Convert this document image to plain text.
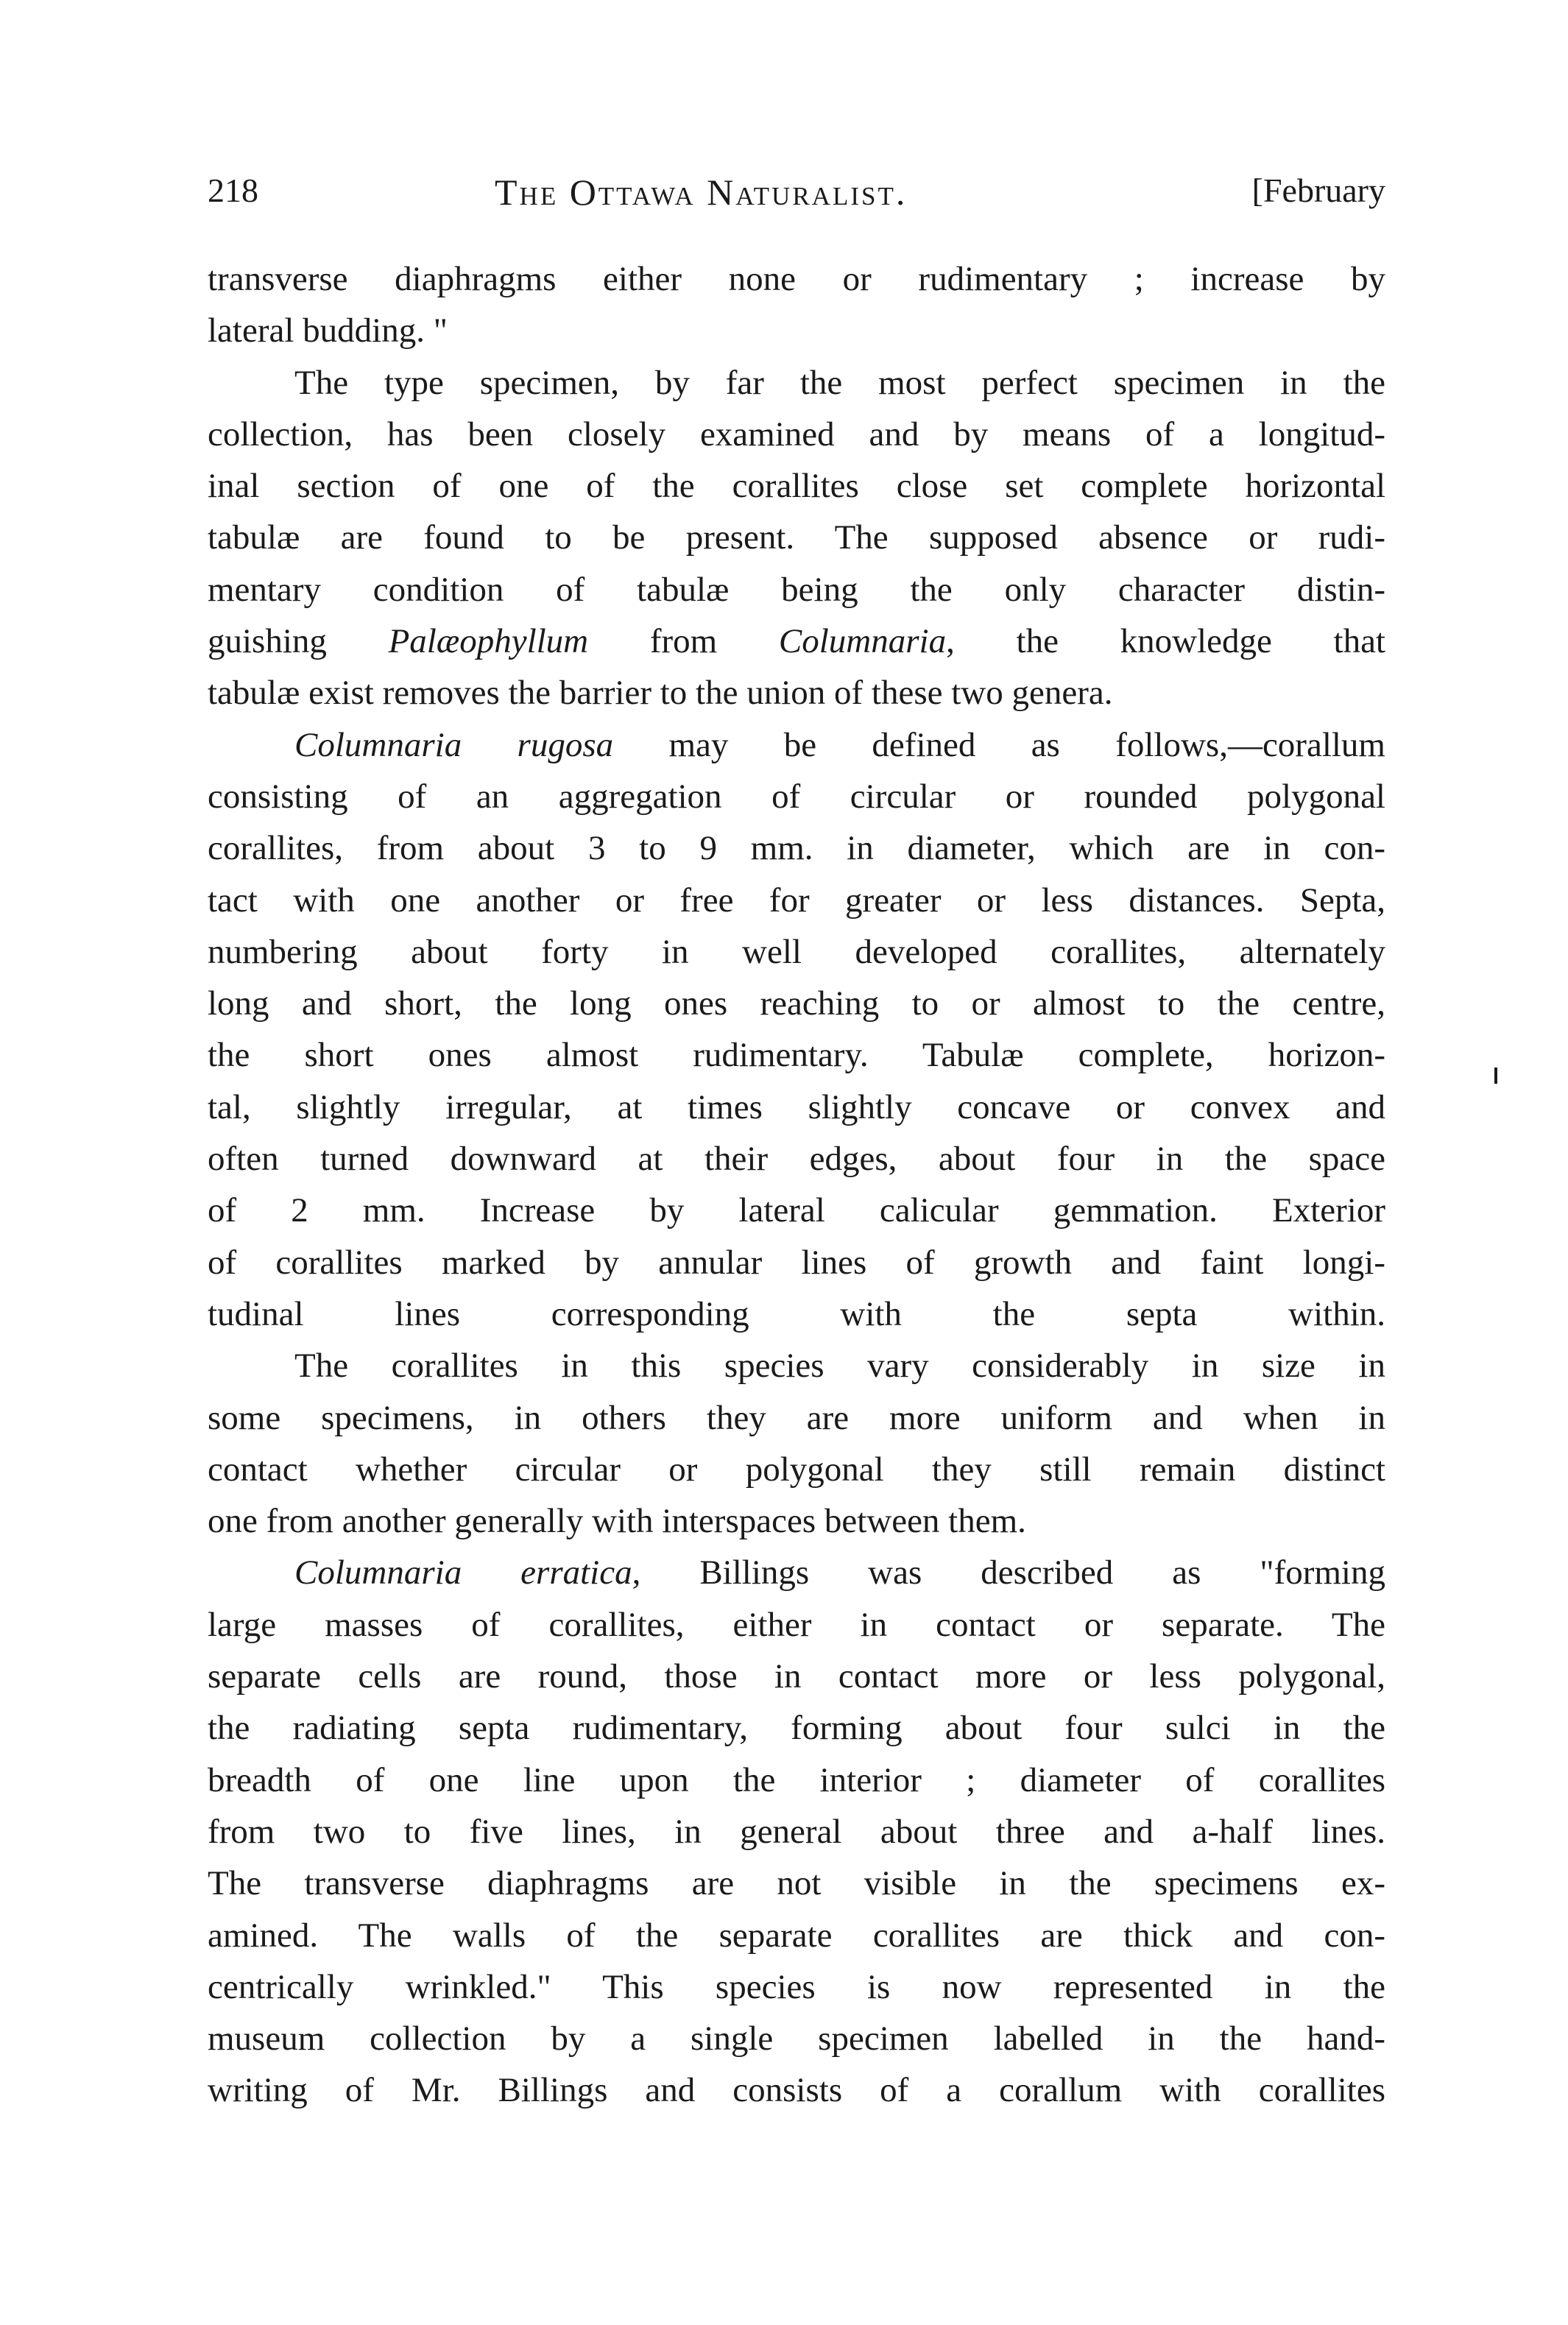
218	The Ottawa Naturalist.	[February

transverse diaphragms either none or rudimentary ; increase by

lateral budding. "

The type specimen, by far the most perfect specimen in the

collection, has been closely examined and by means of a longitud-

inal section of one of the corallites close set complete horizontal

tabulæ are found to be present. The supposed absence or rudi-

mentary condition of tabulæ being the only character distin-

guishing Palæophyllum from Columnaria, the knowledge that

tabulæ exist removes the barrier to the union of these two genera.

Columnaria rugosa may be defined as follows,—corallum

consisting of an aggregation of circular or rounded polygonal

corallites, from about 3 to 9 mm. in diameter, which are in con-

tact with one another or free for greater or less distances. Septa,

numbering about forty in well developed corallites, alternately

long and short, the long ones reaching to or almost to the centre,

the short ones almost rudimentary. Tabulæ complete, horizon-

tal, slightly irregular, at times slightly concave or convex and

often turned downward at their edges, about four in the space

of 2 mm. Increase by lateral calicular gemmation. Exterior

of corallites marked by annular lines of growth and faint longi-

tudinal lines corresponding with the septa within.

The corallites in this species vary considerably in size in

some specimens, in others they are more uniform and when in

contact whether circular or polygonal they still remain distinct

one from another generally with interspaces between them.

Columnaria erratica, Billings was described as "forming

large masses of corallites, either in contact or separate. The

separate cells are round, those in contact more or less polygonal,

the radiating septa rudimentary, forming about four sulci in the

breadth of one line upon the interior ; diameter of corallites

from two to five lines, in general about three and a-half lines.

The transverse diaphragms are not visible in the specimens ex-

amined. The walls of the separate corallites are thick and con-

centrically wrinkled." This species is now represented in the

museum collection by a single specimen labelled in the hand-

writing of Mr. Billings and consists of a corallum with corallites
